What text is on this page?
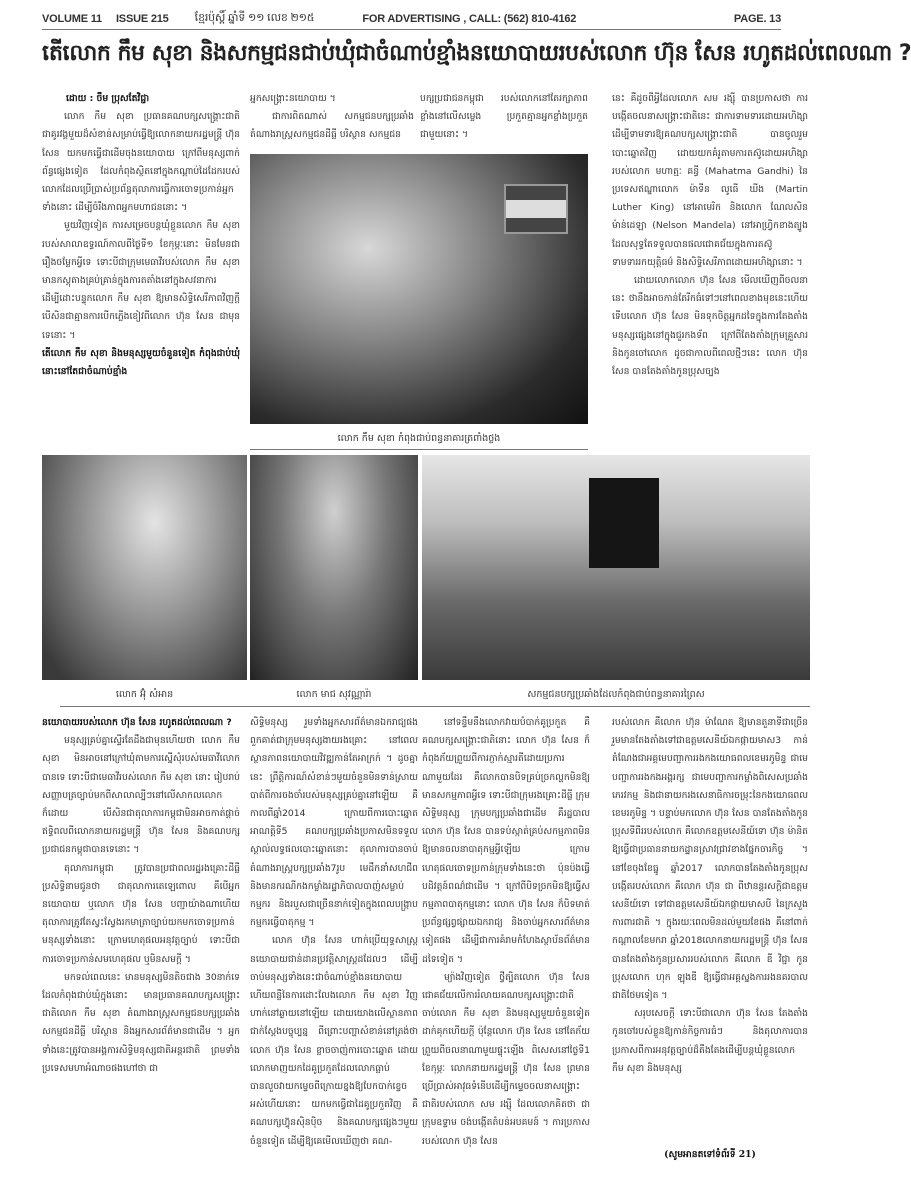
VOLUME 11 ISSUE 215 ខ្មែរប៉ុស្តិ៍ ឆ្នាំទី ១១ លេខ ២១៥	FOR ADVERTISING , CALL: (562) 810-4162	PAGE. 13
តើលោក កឹម សុខា និងសកម្មជនជាប់ឃុំជាចំណាប់ខ្មាំងនយោបាយរបស់លោក ហ៊ុន សែន រហូតដល់ពេលណា ?

ដោយ : ចឹម ប្រុសតែវិជ្ជា

លោក កឹម សុខា ប្រធានគណបក្សសង្គ្រោះជាតិ ជាគូរវង្គមួយដ៏សំខាន់សម្រាប់ធ្វើឱ្យលោកនាយករដ្ឋមន្ត្រី ហ៊ុន សែន យកមកធ្វើជាដើមចុងនយោបាយ ក្រៅពីមនុស្សពាក់ព័ន្ធផ្សេងទៀត ដែលកំពុងស្ថិតនៅក្នុងកណ្ដាប់ដៃដែករបស់លោកដែលប្រើប្រាស់ប្រព័ន្ធតុលាការធ្វើការចោទប្រកាន់អ្នកទាំងនោះ ដើម្បីចំរឹងភាពអ្នកមហាជននោះ ។

មួយវិញទៀត ការសម្រេចបន្តឃុំខ្លួនលោក កឹម សុខា របស់សាលាឧទ្ធរណ៍កាលពីថ្ងៃទី១ ខែកុម្ភៈនោះ មិនមែនជារឿងចម្លែកអ្វីទេ ទោះបីជាក្រុមមេធាវីរបស់លោក កឹម សុខា មានកស្តុតាងគ្រប់គ្រាន់ក្នុងការតតាំងនៅក្នុងសវនាការដើម្បីដោះបន្ទុកលោក កឹម សុខា ឱ្យមានសិទ្ធិសេរីភាពវិញក្តី បើសិនជាគ្មានការបើកភ្លើងខៀវពីលោក ហ៊ុន សែន ជាមុនទេនោះ ។

តើលោក កឹម សុខា និងមនុស្សមួយចំនួនទៀត កំពុងជាប់ឃុំនោះនៅតែជាចំណាប់ខ្មាំង

អ្នកសង្គ្រោះនយោបាយ ។

ជាការពិតណាស់ សកម្មជនបក្សប្រឆាំង តំណាងរាស្ត្រសកម្មជនដីធ្លី បរិស្ថាន សកម្មជន

បក្សប្រជាជនកម្ពុជា របស់លោកនៅតែរក្សាភាពខ្លាំងនៅលើសម្លេង ប្រកួតគ្មានអ្នកខ្លាំងប្រកួតជាមួយនោះ ។

លោក កឹម សុខា កំពុងជាប់ពន្ធនាគារត្រពាំងថ្លង

នេះ គឺដូចពីអ្វីដែលលោក សម រង្ស៊ី បានប្រកាសថា ការបង្កើតចលនាសង្គ្រោះជាតិនេះ ជាការទាមទារដោយអហិង្សា ដើម្បីទាមទារឱ្យគណបក្សសង្គ្រោះជាតិ បានចូលរួមបោះឆ្នោតវិញ ដោយយកគំរូតាមការតស៊ូដោយអហិង្សារបស់លោក មហាត្មៈ គន្ធី (Mahatma Gandhi) នៃប្រទេសឥណ្ឌាលោក ម៉ាទីន លូធើ ឃីង (Martin Luther King) នៅអាមេរិក និងលោក ណែលសិន ម៉ាន់ដេឡា (Nelson Mandela) នៅអាហ្វ្រិកខាងត្បូង ដែលសុទ្ធតែទទួលបានផលជោគជ័យក្នុងការតស៊ូទាមទាររកយុត្តិធម៌ និងសិទ្ធិសេរីភាពដោយអហិង្សានោះ ។

ដោយលោកលោក ហ៊ុន សែន មើលឃើញពីចលនានេះ ថានឹងអាចកាន់តែរីកធំទៅៗនៅពេលខាងមុខនេះហើយ ទើបលោក ហ៊ុន សែន មិនទុកចិត្តអ្នកដទៃក្នុងការតែងតាំងមនុស្សផ្សេងនៅក្នុងជួរកងទ័ព ក្រៅពីតែងតាំងក្រុមគ្រួសារ និងកូនចៅលោក ដូចជាកាលពីពេលថ្មីៗនេះ លោក ហ៊ុន សែន បានតែងតាំងកូនប្រុសច្បង

លោក អ៊ុំ សំអាន	លោក មាជ សុវណ្ណារ៉ា	សកម្មជនបក្សប្រឆាំងដែលកំពុងជាប់ពន្ធនាគារព្រៃស

នយោបាយរបស់លោក ហ៊ុន សែន រហូតដល់ពេលណា ?

មនុស្សគ្រប់គ្នាស្ទើរតែដឹងជាមុនហើយថា លោក កឹម សុខា មិនអាចនៅក្រៅឃុំតាមការស្នើសុំរបស់មេធាវីលោកបានទេ ទោះបីជាមេធាវីរបស់លោក កឹម សុខា នោះ រៀបរាប់សញ្ញាបត្រច្បាប់មកពីសាលាល្បីៗនៅលើសាកលលោកក៏ដោយ បើសិនជាតុលាការកម្ពុជាមិនអាចកាត់ផ្តាច់ឥទ្ធិពលពីលោកនាយករដ្ឋមន្ត្រី ហ៊ុន សែន និងគណបក្សប្រជាជនកម្ពុជាបានទេនោះ ។

តុលាការកម្ពុជា ត្រូវបានប្រជាពលរដ្ឋរងគ្រោះដីធ្លី ប្រសិទ្ធិនាមជូនថា ជាតុលាការតេឡេពោល គឺបើអ្នកនយោបាយ ឬលោក ហ៊ុន សែន បញ្ជាយ៉ាងណាហើយ តុលាការត្រូវតែស្វះស្វែងរកមាត្រាច្បាប់យកមកចោទប្រកាន់មនុស្សទាំងនោះ ក្រោមហេតុផលអនុវត្តច្បាប់ ទោះបីជាការចោទប្រកាន់សមហេតុផល ឬមិនសមក្តី ។

មកទល់ពេលនេះ មានមនុស្សមិនតិចជាង 30នាក់ទេ ដែលកំពុងជាប់ឃុំក្នុងនោះ មានប្រធានគណបក្សសង្គ្រោះជាតិលោក កឹម សុខា តំណាងរាស្ត្រសកម្មជនបក្សប្រឆាំង សកម្មជនដីធ្លី បរិស្ថាន និងអ្នកសារព័ត៌មានជាដើម ។ អ្នកទាំងនេះត្រូវបានអង្គការសិទ្ធិមនុស្សជាតិអន្តរជាតិ ព្រមទាំងប្រទេសមហាអំណាចផងហៅថា ជា

សិទ្ធិមនុស្ស រួមទាំងអ្នកសារព័ត៌មានឯករាជ្យផង ពួកគាត់ជាក្រុមមនុស្សងាយរងគ្រោះ នៅពេលស្ថានភាពនយោបាយវិវឌ្ឍកាន់តែអាក្រក់ ។ ដូចគ្នានេះ ព្រឹត្តិការណ៍សំខាន់ៗមួយចំនួនមិនទាន់ស្រាយបាត់ពីការចងចាំរបស់មនុស្សគ្រប់គ្នានៅឡើយ គឺកាលពីឆ្នាំ2014 ក្រោយពីការបោះឆ្នោតអាណត្តិទី5 គណបក្សប្រឆាំងប្រកាសមិនទទួលស្គាល់លទ្ធផលបោះឆ្នោតនោះ តុលាការបានចាប់តំណាងរាស្ត្របក្សប្រឆាំង7រូប មេដឹកនាំសហជីព និងមានករណីកងកម្លាំងរដ្ឋាភិបាលបាញ់សម្លាប់កម្មករ និងរបួសជាច្រើននាក់ទៀតក្នុងពេលបង្ក្រាបកម្មករធ្វើបាតុកម្ម ។

លោក ហ៊ុន សែន ហាក់ប្រើយុទ្ធសាស្ត្រនយោបាយជាន់ដានប្រវត្តិសាស្ត្រដដែលៗ ដើម្បីចាប់មនុស្សទាំងនេះជាចំណាប់ខ្មាំងនយោបាយ ហើយពន្លឺនៃការដោះលែងលោក កឹម សុខា វិញហាក់នៅឆ្ងាយនៅឡើយ ដោយយោងលើស្ថានភាពជាក់ស្តែងបច្ចុប្បន្ន ពីព្រោះបញ្ហាសំខាន់នៅត្រង់ថា លោក ហ៊ុន សែន ខ្លាចចាញ់ការបោះឆ្នោត ដោយលោកមាញយកដៃគូប្រកួតដែលលោកធ្លាប់បានលួចវាយកម្ទេចពីក្រោយខ្នងឱ្យបែកបាក់ខ្ទេចអស់ហើយនោះ យកមកធ្វើជាដៃគូប្រកួតវិញ គឺគណបក្សហ៊្វុនស៊ិនប៉ិច និងគណបក្សផ្សេងៗមួយចំនួនទៀត ដើម្បីឱ្យគេមើលឃើញថា គណ-

នៅទន្ទឹមនឹងលោកវាយបំបាក់គូប្រកួត គឺគណបក្សសង្គ្រោះជាតិនោះ លោក ហ៊ុន សែន ក៏កំពុងភ័យព្រួយពីការភ្ញាក់ស្មារតីដោយប្រការណាមួយដែរ គឺលោកបានបិទគ្រប់ច្រកល្ហកមិនឱ្យមានសកម្មភាពអ្វីទេ ទោះបីជាក្រុមរងគ្រោះដីធ្លី ក្រុមសិទ្ធិមនុស្ស ក្រុមបក្សប្រឆាំងជាដើម គឺរដ្ឋបាលលោក ហ៊ុន សែន បានទប់ស្កាត់គ្រប់សកម្មភាពមិនឱ្យមានចលនាបាតុកម្មអ្វីឡើយ ក្រោមហេតុផលចោទប្រកាន់ក្រុមទាំងនេះថា ប៉ុនប៉ងធ្វើបដិវត្តន៍ពណ៌ជាដើម ។ ក្រៅពីបិទច្រកមិនឱ្យធ្វើសកម្មភាពបាតុកម្មនោះ លោក ហ៊ុន សែន ក៏បិទមាត់ប្រព័ន្ធផ្សព្វផ្សាយឯករាជ្យ និងចាប់អ្នកសារព័ត៌មានទៀតផង ដើម្បីជាការគំរាមកំហែងស្ថាប័នព័ត៌មានដទៃទៀត ។

ម្យ៉ាងវិញទៀត ថ្វីត្បិតលោក ហ៊ុន សែន ជោគជ័យលើការរំលាយគណបក្សសង្គ្រោះជាតិ ចាប់លោក កឹម សុខា និងមនុស្សមួយចំនួនទៀតដាក់គុកហើយក្តី ប៉ុន្តែលោក ហ៊ុន សែន នៅតែភ័យព្រួយពីចលនាណាមួយផ្ទុះឡើង ពិសេសនៅថ្ងៃទី1 ខែកុម្ភៈ លោកនាយករដ្ឋមន្ត្រី ហ៊ុន សែន ព្រមានប្រើប្រាស់អាវុធទំនើបដើម្បីកម្ទេចចលនាសង្គ្រោះជាតិរបស់លោក សម រង្ស៊ី ដែលលោកគិតថា ជាក្រុមឧទ្ទាម ចង់បង្កើតតំបន់អបគមន៍ ។ ការប្រកាសរបស់លោក ហ៊ុន សែន

របស់លោក គឺលោក ហ៊ុន ម៉ាណែត ឱ្យមានតួនាទីជាច្រើន រួមមានតែងតាំងទៅជាឧត្តមសេនីយ៍ឯកផ្កាយមាស3 កាន់តំណែងជាអគ្គមេបញ្ជាការរងកងយោធពលខេមរភូមិន្ទ ជាមេបញ្ជាការរងកងអង្គរក្ស ជាមេបញ្ជាការកម្លាំងពិសេសប្រឆាំងភេរវកម្ម និងជានាយករងសេនាធិការចម្រុះនៃកងយោធពលខេមរភូមិន្ទ ។ បន្ទាប់មកលោក ហ៊ុន សែន បានតែងតាំងកូនប្រុសទីពីររបស់លោក គឺលោកឧត្តមសេនីយ៍ទោ ហ៊ុន ម៉ានិត ឱ្យធ្វើជាប្រធាននាយកដ្ឋានស្រាវជ្រាវខាងផ្នែកចារកិច្ច ។ នៅខែចុងខែធ្នូ ឆ្នាំ2017 លោកបានតែងតាំងកូនប្រុសបង្កើតរបស់លោក គឺលោក ហ៊ុន ជា ពីឋានន្តរសក្តិជាឧត្តមសេនីយ៍ទោ ទៅជាឧត្តមសេនីយ៍ឯកផ្កាយមាសបី នៃក្រសួងការពារជាតិ ។ ក្នុងរយៈពេលមិនដល់មួយខែផង គឺនៅពាក់កណ្ដាលខែមករា ឆ្នាំ2018លោកនាយករដ្ឋមន្ត្រី ហ៊ុន សែន បានតែងតាំងកូនប្រសាររបស់លោក គឺលោក ឌី វិជ្ជា កូនប្រុសលោក ហុក ឡុងឌី ឱ្យធ្វើជាអគ្គស្នងការរងនគរបាលជាតិថែមទៀត ។

សរុបសេចក្តី ទោះបីជាលោក ហ៊ុន សែន តែងតាំងកូនចៅរបស់ខ្លួនឱ្យកាន់កិច្ចការធំៗ និងតុលាការបានប្រកាសពីការអនុវត្តច្បាប់ដ៏តឹងតែងដើម្បីបន្តឃុំខ្លួនលោក កឹម សុខា និងមនុស្ស

(សូមអានតទៅទំព័រទី 21)
